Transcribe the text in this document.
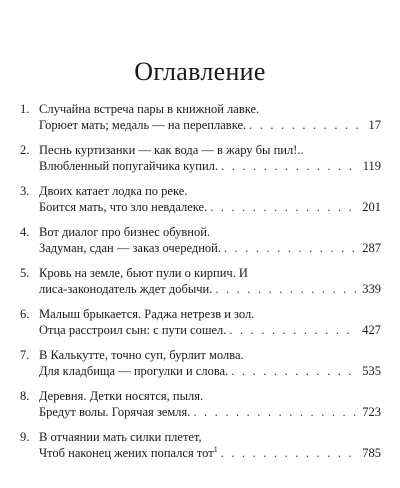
Оглавление
1. Случайна встреча пары в книжной лавке.
Горюет мать; медаль — на переплавке. . . .	17
2. Песнь куртизанки — как вода — в жару бы пил!..
Влюбленный попугайчика купил. . . .	119
3. Двоих катает лодка по реке.
Боится мать, что зло невдалеке. . . .	201
4. Вот диалог про бизнес обувной.
Задуман, сдан — заказ очередной. . . .	287
5. Кровь на земле, бьют пули о кирпич. И
лиса-законодатель ждет добычи. . . .	339
6. Малыш брыкается. Раджа нетрезв и зол.
Отца расстроил сын: с пути сошел. . . .	427
7. В Калькутте, точно суп, бурлит молва.
Для кладбища — прогулки и слова. . . .	535
8. Деревня. Детки носятся, пыля.
Бредут волы. Горячая земля. . . .	723
9. В отчаянии мать силки плетет,
Чтоб наконец жених попался тот$^1$ . . .	785
